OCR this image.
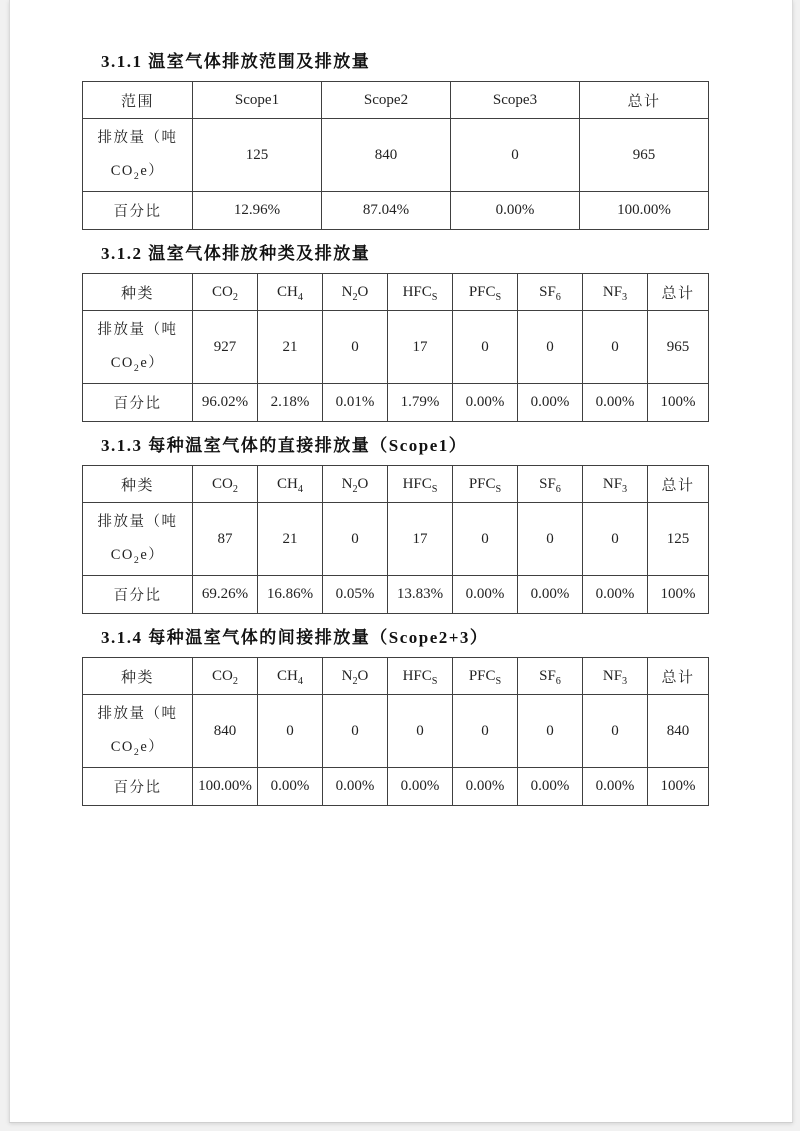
3.1.1 温室气体排放范围及排放量
范围	Scope1	Scope2	Scope3	总计
排放量（吨
$CO_2e$）	125	840	0	965
百分比	12.96%	87.04%	0.00%	100.00%
3.1.2 温室气体排放种类及排放量
种类	$CO_2$	$CH_4$	$N_2O$	$HFC_S$	$PFC_S$	$SF_6$	$NF_3$	总计
排放量（吨
$CO_2e$）	927	21	0	17	0	0	0	965
百分比	96.02%	2.18%	0.01%	1.79%	0.00%	0.00%	0.00%	100%
3.1.3 每种温室气体的直接排放量（Scope1）
种类	$CO_2$	$CH_4$	$N_2O$	$HFC_S$	$PFC_S$	$SF_6$	$NF_3$	总计
排放量（吨
$CO_2e$）	87	21	0	17	0	0	0	125
百分比	69.26%	16.86%	0.05%	13.83%	0.00%	0.00%	0.00%	100%
3.1.4 每种温室气体的间接排放量（Scope2+3）
种类	$CO_2$	$CH_4$	$N_2O$	$HFC_S$	$PFC_S$	$SF_6$	$NF_3$	总计
排放量（吨
$CO_2e$）	840	0	0	0	0	0	0	840
百分比	100.00%	0.00%	0.00%	0.00%	0.00%	0.00%	0.00%	100%
